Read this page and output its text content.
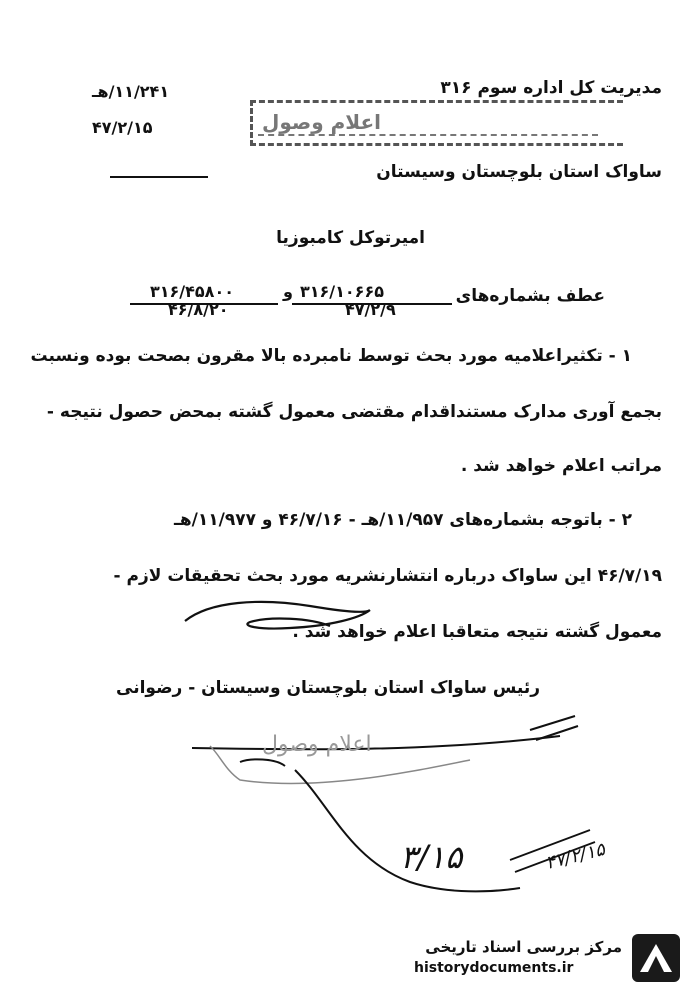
مدیریت کل اداره سوم ۳۱۶
۱۱/۲۴۱/هـ
۴۷/۲/۱۵	اعلام وصول
ساواک استان بلوچستان وسیستان
امیرتوکل کامبوزیا
عطف بشماره‌های
۳۱۶/۱۰۶۶۵
و
۴۷/۲/۹
۳۱۶/۴۵۸۰۰
۴۶/۸/۲۰
۱ - تکثیراعلامیه مورد بحث توسط نامبرده بالا مقرون بصحت بوده ونسبت
بجمع آوری مدارک مستنداقدام مقتضی معمول گشته بمحض حصول نتیجه -
مراتب اعلام خواهد شد .
۲ - باتوجه بشماره‌های ۱۱/۹۵۷/هـ - ۴۶/۷/۱۶ و ۱۱/۹۷۷/هـ
۴۶/۷/۱۹ این ساواک درباره انتشارنشریه مورد بحث تحقیقات لازم -
معمول گشته نتیجه متعاقبا اعلام خواهد شد .
رئیس ساواک استان بلوچستان وسیستان - رضوانی
اعلام وصول
۳/۱۵	۴۷/۲/۱۵
مرکز بررسی اسناد تاریخی
historydocuments.ir
